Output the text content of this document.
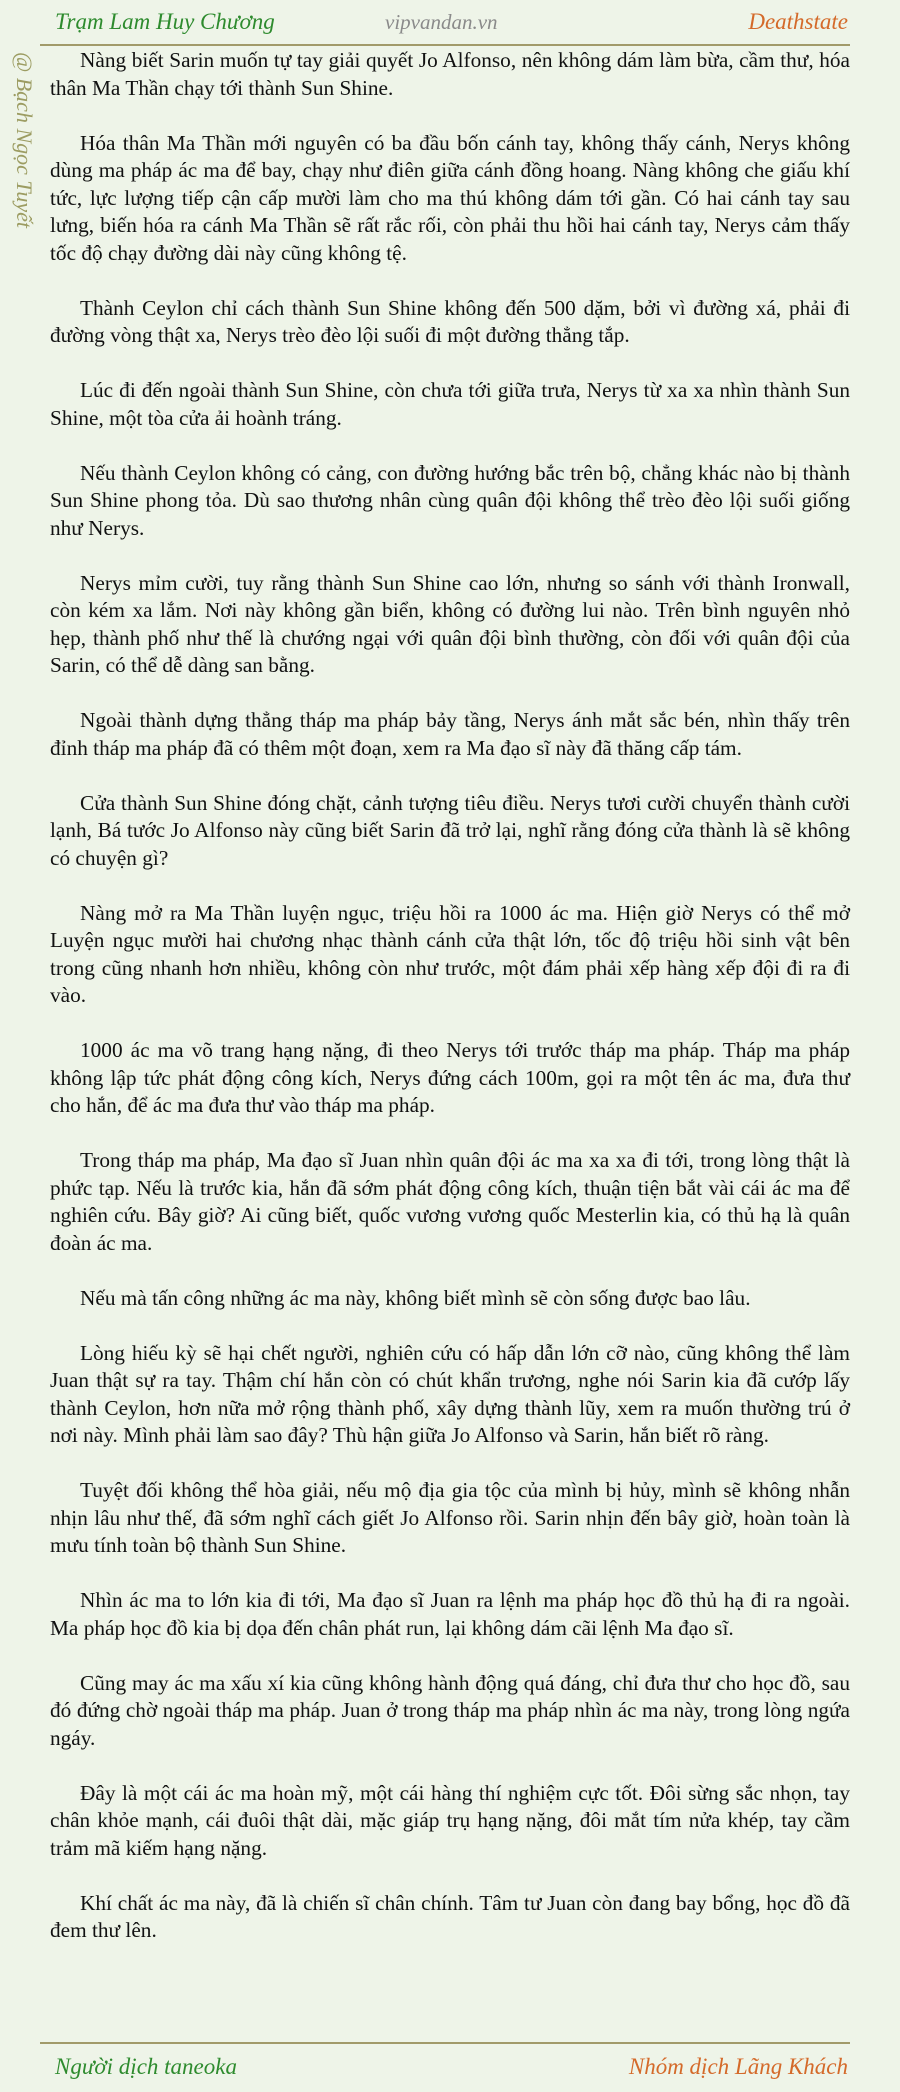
Trạm Lam Huy Chương	vipvandan.vn	Deathstate
@ Bạch Ngọc Tuyết	Nàng biết Sarin muốn tự tay giải quyết Jo Alfonso, nên không dám làm bừa, cầm thư, hóa thân Ma Thần chạy tới thành Sun Shine.

Hóa thân Ma Thần mới nguyên có ba đầu bốn cánh tay, không thấy cánh, Nerys không dùng ma pháp ác ma để bay, chạy như điên giữa cánh đồng hoang. Nàng không che giấu khí tức, lực lượng tiếp cận cấp mười làm cho ma thú không dám tới gần. Có hai cánh tay sau lưng, biến hóa ra cánh Ma Thần sẽ rất rắc rối, còn phải thu hồi hai cánh tay, Nerys cảm thấy tốc độ chạy đường dài này cũng không tệ.

Thành Ceylon chỉ cách thành Sun Shine không đến 500 dặm, bởi vì đường xá, phải đi đường vòng thật xa, Nerys trèo đèo lội suối đi một đường thẳng tắp.

Lúc đi đến ngoài thành Sun Shine, còn chưa tới giữa trưa, Nerys từ xa xa nhìn thành Sun Shine, một tòa cửa ải hoành tráng.

Nếu thành Ceylon không có cảng, con đường hướng bắc trên bộ, chẳng khác nào bị thành Sun Shine phong tỏa. Dù sao thương nhân cùng quân đội không thể trèo đèo lội suối giống như Nerys.

Nerys mỉm cười, tuy rằng thành Sun Shine cao lớn, nhưng so sánh với thành Ironwall, còn kém xa lắm. Nơi này không gần biển, không có đường lui nào. Trên bình nguyên nhỏ hẹp, thành phố như thế là chướng ngại với quân đội bình thường, còn đối với quân đội của Sarin, có thể dễ dàng san bằng.

Ngoài thành dựng thẳng tháp ma pháp bảy tầng, Nerys ánh mắt sắc bén, nhìn thấy trên đỉnh tháp ma pháp đã có thêm một đoạn, xem ra Ma đạo sĩ này đã thăng cấp tám.

Cửa thành Sun Shine đóng chặt, cảnh tượng tiêu điều. Nerys tươi cười chuyển thành cười lạnh, Bá tước Jo Alfonso này cũng biết Sarin đã trở lại, nghĩ rằng đóng cửa thành là sẽ không có chuyện gì?

Nàng mở ra Ma Thần luyện ngục, triệu hồi ra 1000 ác ma. Hiện giờ Nerys có thể mở Luyện ngục mười hai chương nhạc thành cánh cửa thật lớn, tốc độ triệu hồi sinh vật bên trong cũng nhanh hơn nhiều, không còn như trước, một đám phải xếp hàng xếp đội đi ra đi vào.

1000 ác ma võ trang hạng nặng, đi theo Nerys tới trước tháp ma pháp. Tháp ma pháp không lập tức phát động công kích, Nerys đứng cách 100m, gọi ra một tên ác ma, đưa thư cho hắn, để ác ma đưa thư vào tháp ma pháp.

Trong tháp ma pháp, Ma đạo sĩ Juan nhìn quân đội ác ma xa xa đi tới, trong lòng thật là phức tạp. Nếu là trước kia, hắn đã sớm phát động công kích, thuận tiện bắt vài cái ác ma để nghiên cứu. Bây giờ? Ai cũng biết, quốc vương vương quốc Mesterlin kia, có thủ hạ là quân đoàn ác ma.

Nếu mà tấn công những ác ma này, không biết mình sẽ còn sống được bao lâu.

Lòng hiếu kỳ sẽ hại chết người, nghiên cứu có hấp dẫn lớn cỡ nào, cũng không thể làm Juan thật sự ra tay. Thậm chí hắn còn có chút khẩn trương, nghe nói Sarin kia đã cướp lấy thành Ceylon, hơn nữa mở rộng thành phố, xây dựng thành lũy, xem ra muốn thường trú ở nơi này. Mình phải làm sao đây? Thù hận giữa Jo Alfonso và Sarin, hắn biết rõ ràng.

Tuyệt đối không thể hòa giải, nếu mộ địa gia tộc của mình bị hủy, mình sẽ không nhẫn nhịn lâu như thế, đã sớm nghĩ cách giết Jo Alfonso rồi. Sarin nhịn đến bây giờ, hoàn toàn là mưu tính toàn bộ thành Sun Shine.

Nhìn ác ma to lớn kia đi tới, Ma đạo sĩ Juan ra lệnh ma pháp học đồ thủ hạ đi ra ngoài. Ma pháp học đồ kia bị dọa đến chân phát run, lại không dám cãi lệnh Ma đạo sĩ.

Cũng may ác ma xấu xí kia cũng không hành động quá đáng, chỉ đưa thư cho học đồ, sau đó đứng chờ ngoài tháp ma pháp. Juan ở trong tháp ma pháp nhìn ác ma này, trong lòng ngứa ngáy.

Đây là một cái ác ma hoàn mỹ, một cái hàng thí nghiệm cực tốt. Đôi sừng sắc nhọn, tay chân khỏe mạnh, cái đuôi thật dài, mặc giáp trụ hạng nặng, đôi mắt tím nửa khép, tay cầm trảm mã kiếm hạng nặng.

Khí chất ác ma này, đã là chiến sĩ chân chính. Tâm tư Juan còn đang bay bổng, học đồ đã đem thư lên.

Người dịch taneoka	Nhóm dịch Lãng Khách
